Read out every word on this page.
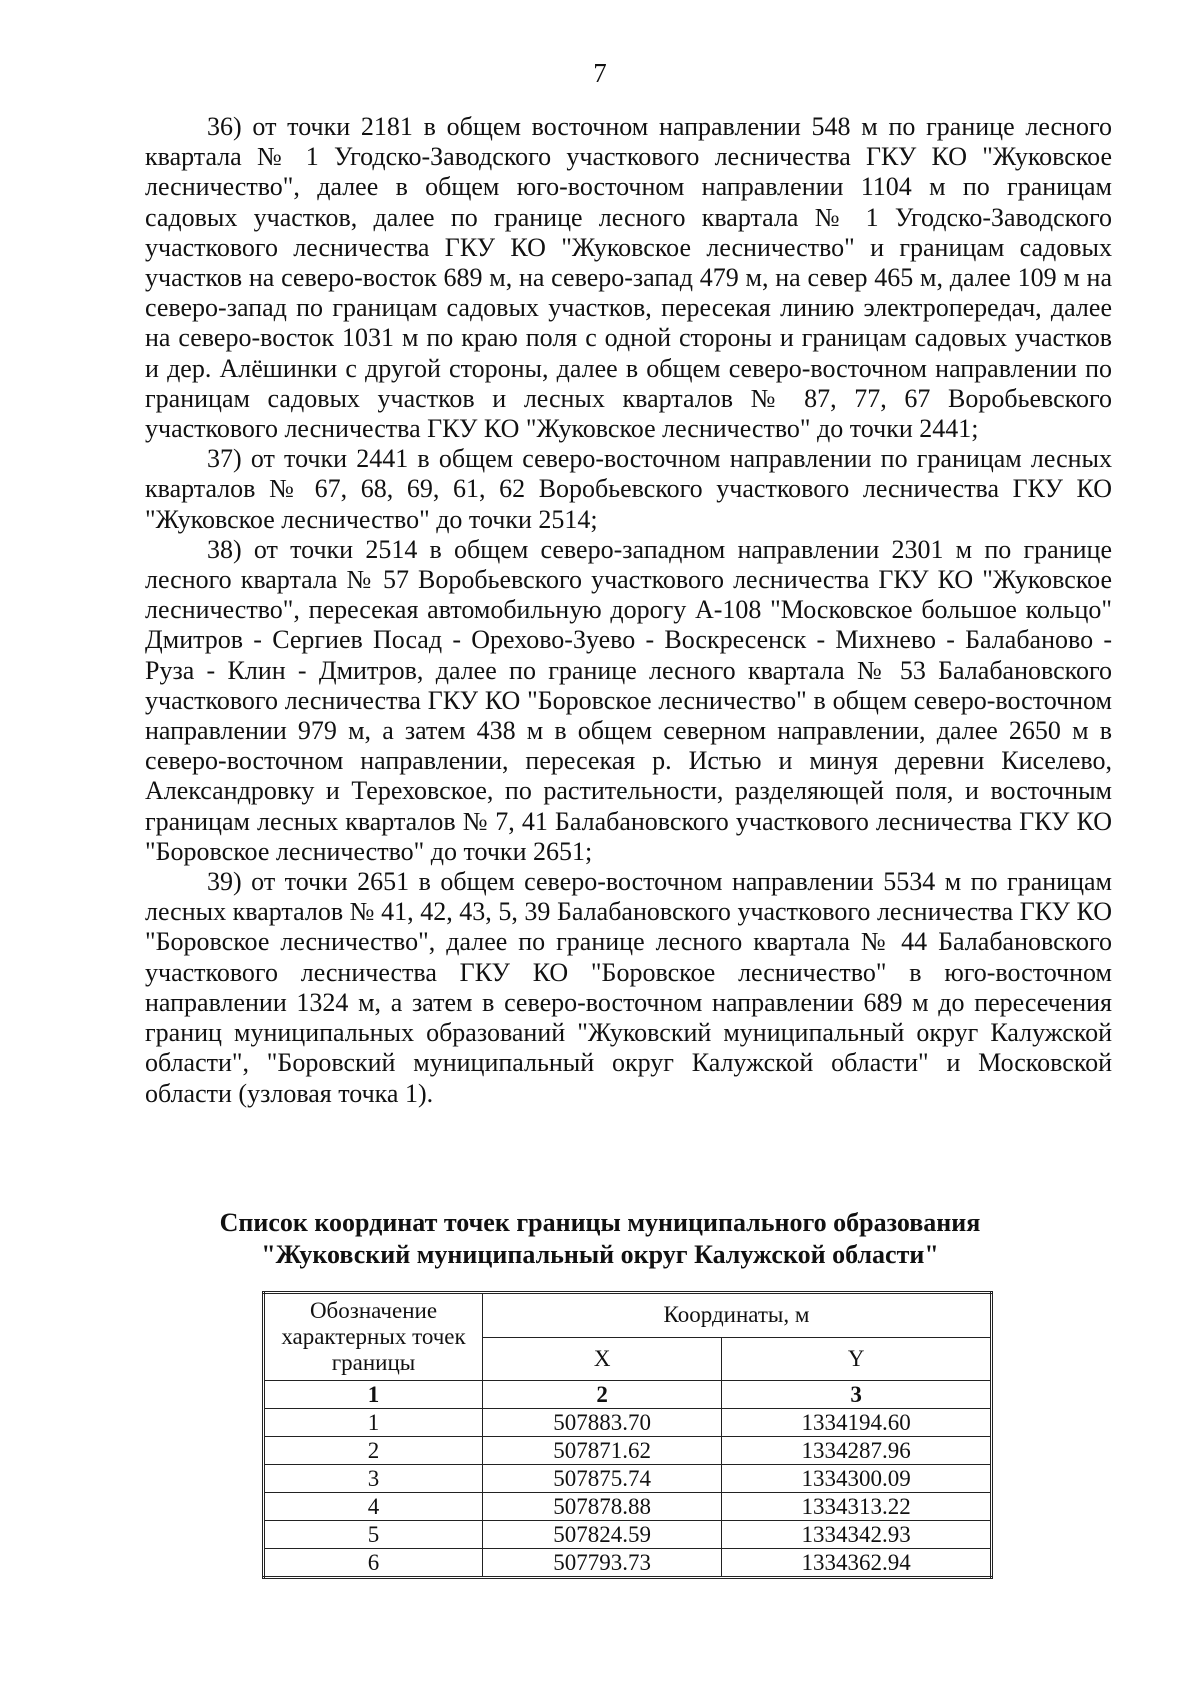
7

36) от точки 2181 в общем восточном направлении 548 м по границе лесного квартала № 1 Угодско-Заводского участкового лесничества ГКУ КО "Жуковское лесничество", далее в общем юго-восточном направлении 1104 м по границам садовых участков, далее по границе лесного квартала № 1 Угодско-Заводского участкового лесничества ГКУ КО "Жуковское лесничество" и границам садовых участков на северо-восток 689 м, на северо-запад 479 м, на север 465 м, далее 109 м на северо-запад по границам садовых участков, пересекая линию электропередач, далее на северо-восток 1031 м по краю поля с одной стороны и границам садовых участков и дер. Алёшинки с другой стороны, далее в общем северо-восточном направлении по границам садовых участков и лесных кварталов № 87, 77, 67 Воробьевского участкового лесничества ГКУ КО "Жуковское лесничество" до точки 2441;

37) от точки 2441 в общем северо-восточном направлении по границам лесных кварталов № 67, 68, 69, 61, 62 Воробьевского участкового лесничества ГКУ КО "Жуковское лесничество" до точки 2514;

38) от точки 2514 в общем северо-западном направлении 2301 м по границе лесного квартала № 57 Воробьевского участкового лесничества ГКУ КО "Жуковское лесничество", пересекая автомобильную дорогу А-108 "Московское большое кольцо" Дмитров - Сергиев Посад - Орехово-Зуево - Воскресенск - Михнево - Балабаново - Руза - Клин - Дмитров, далее по границе лесного квартала № 53 Балабановского участкового лесничества ГКУ КО "Боровское лесничество" в общем северо-восточном направлении 979 м, а затем 438 м в общем северном направлении, далее 2650 м в северо-восточном направлении, пересекая р. Истью и минуя деревни Киселево, Александровку и Тереховское, по растительности, разделяющей поля, и восточным границам лесных кварталов № 7, 41 Балабановского участкового лесничества ГКУ КО "Боровское лесничество" до точки 2651;

39) от точки 2651 в общем северо-восточном направлении 5534 м по границам лесных кварталов № 41, 42, 43, 5, 39 Балабановского участкового лесничества ГКУ КО "Боровское лесничество", далее по границе лесного квартала № 44 Балабановского участкового лесничества ГКУ КО "Боровское лесничество" в юго-восточном направлении 1324 м, а затем в северо-восточном направлении 689 м до пересечения границ муниципальных образований "Жуковский муниципальный округ Калужской области", "Боровский муниципальный округ Калужской области" и Московской области (узловая точка 1).

Список координат точек границы муниципального образования
"Жуковский муниципальный округ Калужской области"
Обозначение характерных точек границы	Координаты, м	
	X	Y
1	2	3
1	507883.70	1334194.60
2	507871.62	1334287.96
3	507875.74	1334300.09
4	507878.88	1334313.22
5	507824.59	1334342.93
6	507793.73	1334362.94
